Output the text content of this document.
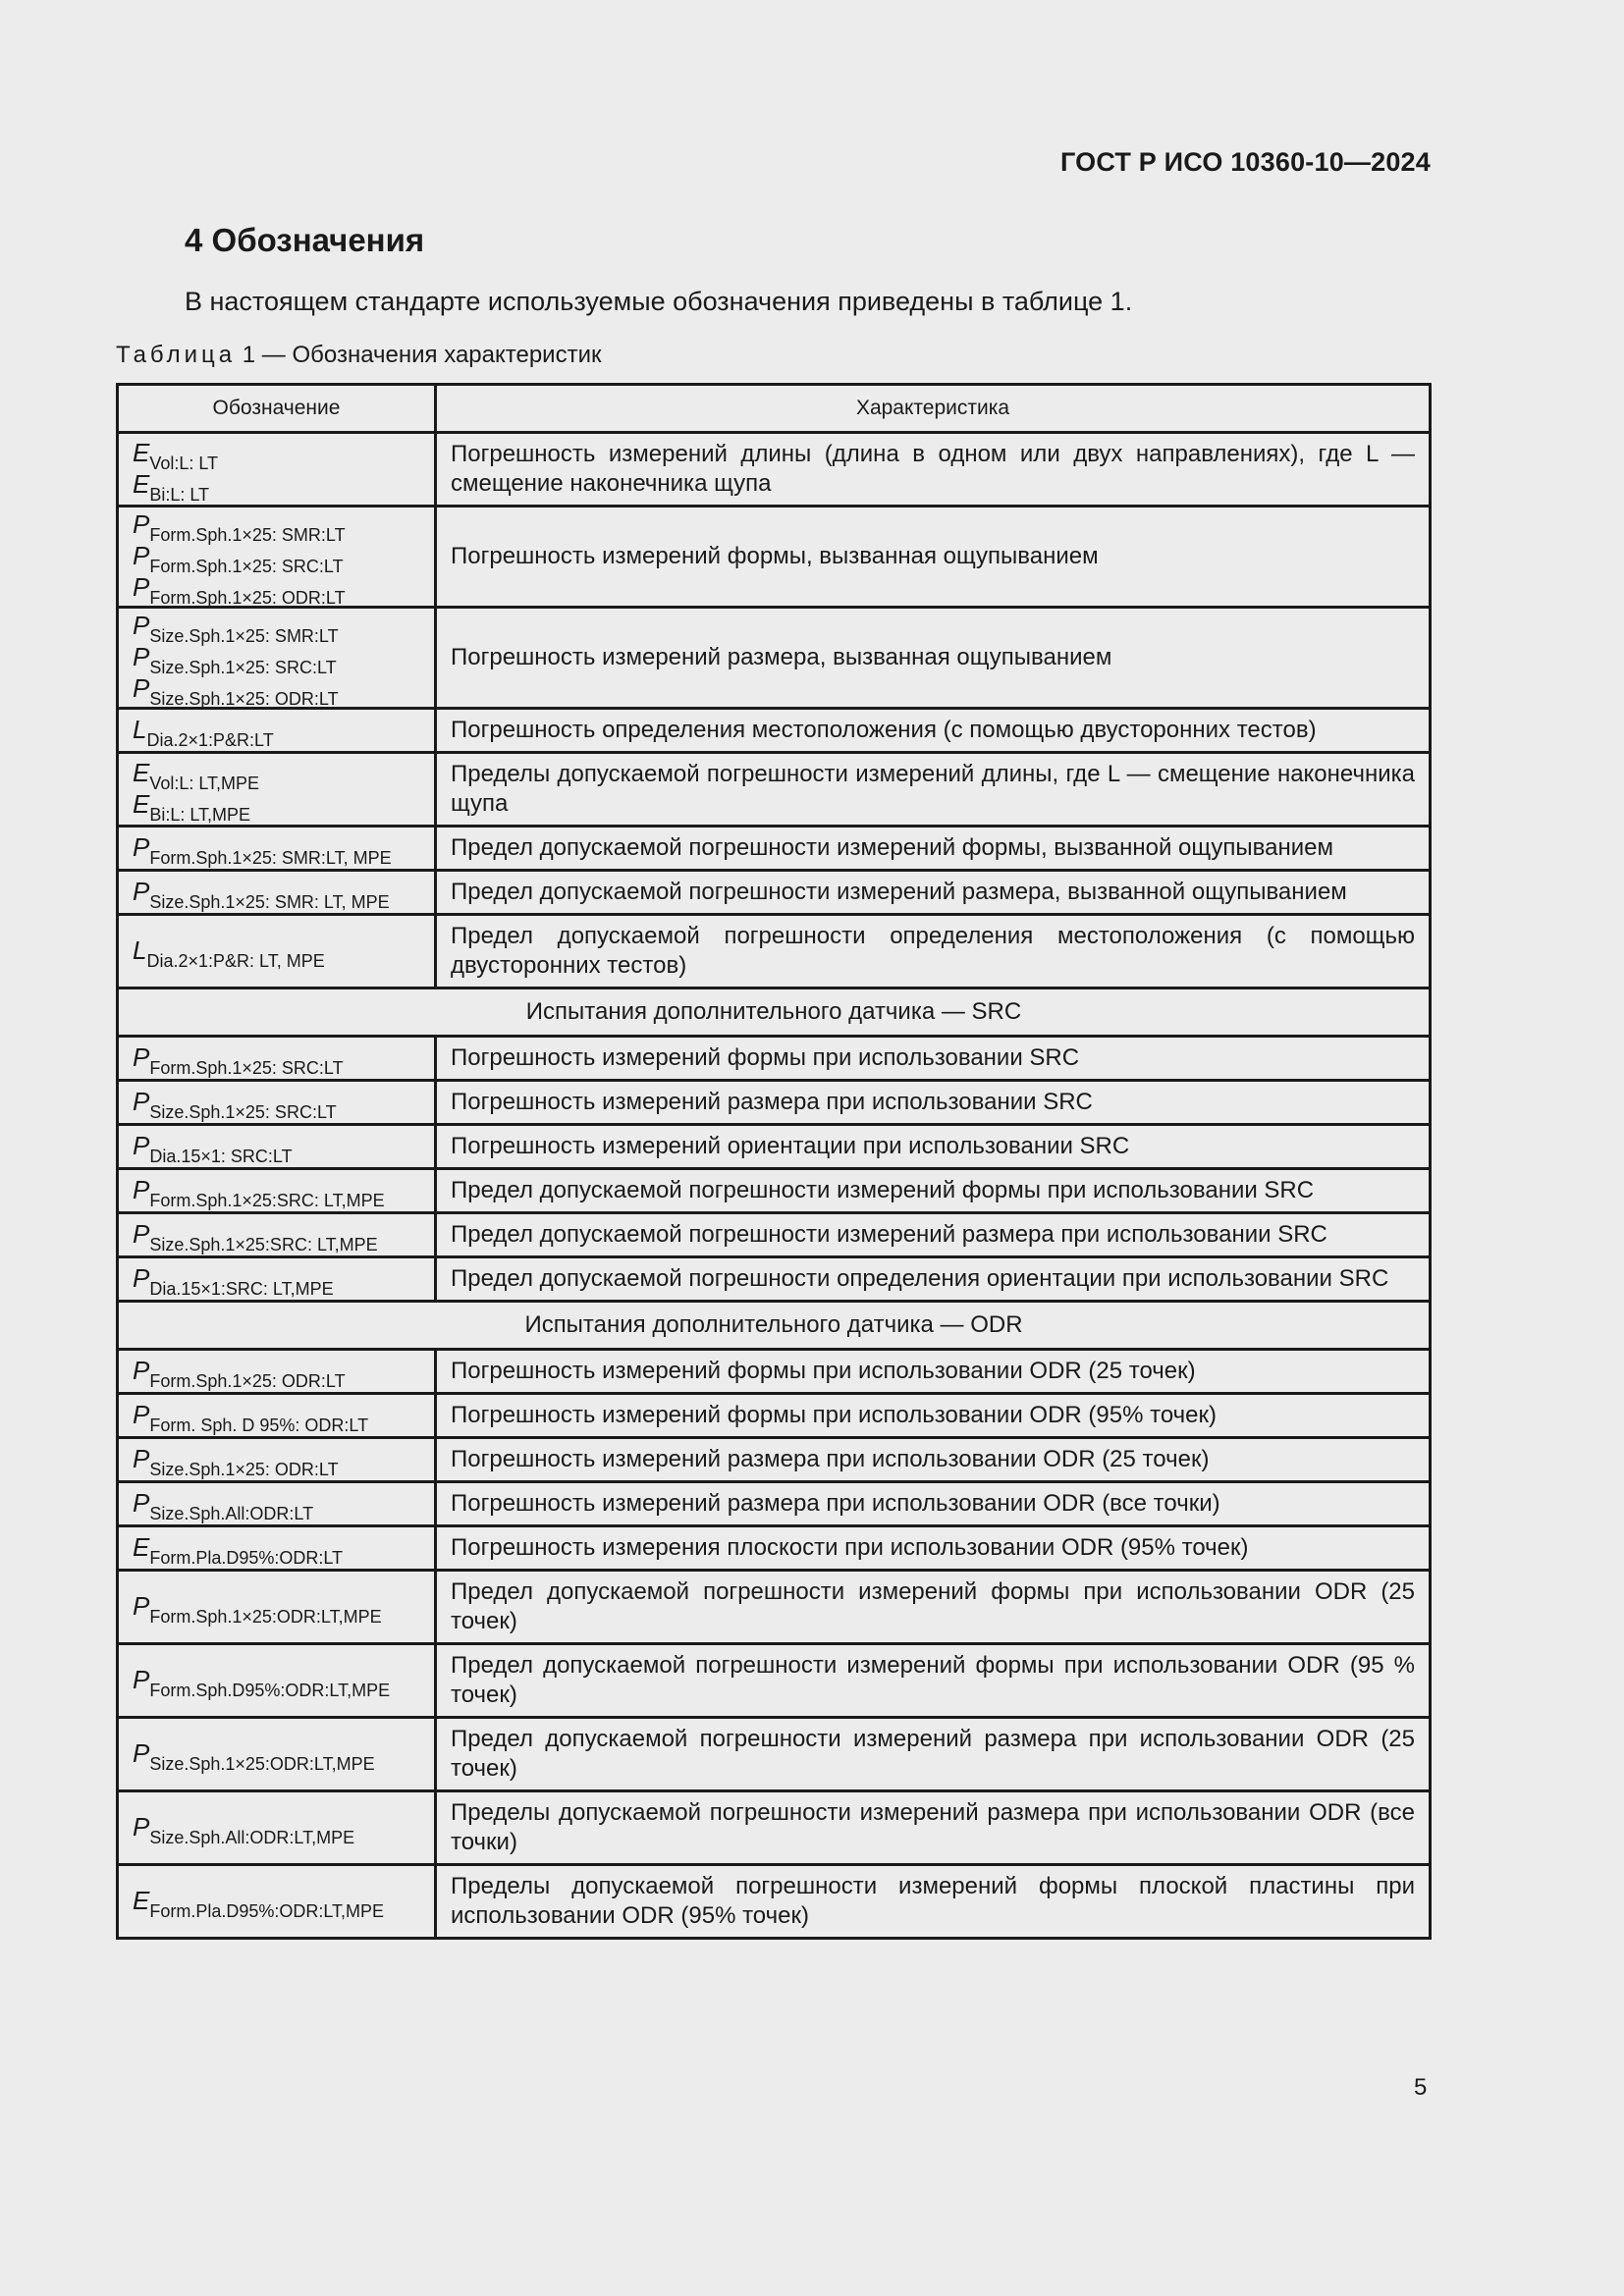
ГОСТ Р ИСО 10360-10—2024
4 Обозначения
В настоящем стандарте используемые обозначения приведены в таблице 1.
Таблица 1 — Обозначения характеристик
Обозначение	Характеристика

$E_{Vol:L: LT}$
$E_{Bi:L: LT}$	Погрешность измерений длины (длина в одном или двух направлениях), где L — смещение наконечника щупа

$P_{Form.Sph.1\times 25: SMR:LT}$
$P_{Form.Sph.1\times 25: SRC:LT}$
$P_{Form.Sph.1\times 25: ODR:LT}$	Погрешность измерений формы, вызванная ощупыванием

$P_{Size.Sph.1\times 25: SMR:LT}$
$P_{Size.Sph.1\times 25: SRC:LT}$
$P_{Size.Sph.1\times 25: ODR:LT}$	Погрешность измерений размера, вызванная ощупыванием

$L_{Dia.2\times 1:P\&R:LT}$	Погрешность определения местоположения (с помощью двусторонних тестов)

$E_{Vol:L: LT,MPE}$
$E_{Bi:L: LT,MPE}$	Пределы допускаемой погрешности измерений длины, где L — смещение наконечника щупа

$P_{Form.Sph.1\times 25: SMR:LT, MPE}$	Предел допускаемой погрешности измерений формы, вызванной ощупыванием

$P_{Size.Sph.1\times 25: SMR: LT, MPE}$	Предел допускаемой погрешности измерений размера, вызванной ощупыванием

$L_{Dia.2\times 1:P\&R: LT, MPE}$	Предел допускаемой погрешности определения местоположения (с помощью двусторонних тестов)
Испытания дополнительного датчика — SRC	

$P_{Form.Sph.1\times 25: SRC:LT}$	Погрешность измерений формы при использовании SRC

$P_{Size.Sph.1\times 25: SRC:LT}$	Погрешность измерений размера при использовании SRC

$P_{Dia.15\times 1: SRC:LT}$	Погрешность измерений ориентации при использовании SRC

$P_{Form.Sph.1\times 25:SRC: LT,MPE}$	Предел допускаемой погрешности измерений формы при использовании SRC

$P_{Size.Sph.1\times 25:SRC: LT,MPE}$	Предел допускаемой погрешности измерений размера при использовании SRC

$P_{Dia.15\times 1:SRC: LT,MPE}$	Предел допускаемой погрешности определения ориентации при использовании SRC
Испытания дополнительного датчика — ODR	

$P_{Form.Sph.1\times 25: ODR:LT}$	Погрешность измерений формы при использовании ODR (25 точек)

$P_{Form. Sph. D 95\%: ODR:LT}$	Погрешность измерений формы при использовании ODR (95% точек)

$P_{Size.Sph.1\times 25: ODR:LT}$	Погрешность измерений размера при использовании ODR (25 точек)

$P_{Size.Sph.All:ODR:LT}$	Погрешность измерений размера при использовании ODR (все точки)

$E_{Form.Pla.D95\%:ODR:LT}$	Погрешность измерения плоскости при использовании ODR (95% точек)

$P_{Form.Sph.1\times 25:ODR:LT,MPE}$	Предел допускаемой погрешности измерений формы при использовании ODR (25 точек)

$P_{Form.Sph.D95\%:ODR:LT,MPE}$	Предел допускаемой погрешности измерений формы при использовании ODR (95 % точек)

$P_{Size.Sph.1\times 25:ODR:LT,MPE}$	Предел допускаемой погрешности измерений размера при использовании ODR (25 точек)

$P_{Size.Sph.All:ODR:LT,MPE}$	Пределы допускаемой погрешности измерений размера при использовании ODR (все точки)

$E_{Form.Pla.D95\%:ODR:LT,MPE}$	Пределы допускаемой погрешности измерений формы плоской пластины при использовании ODR (95% точек)
5
